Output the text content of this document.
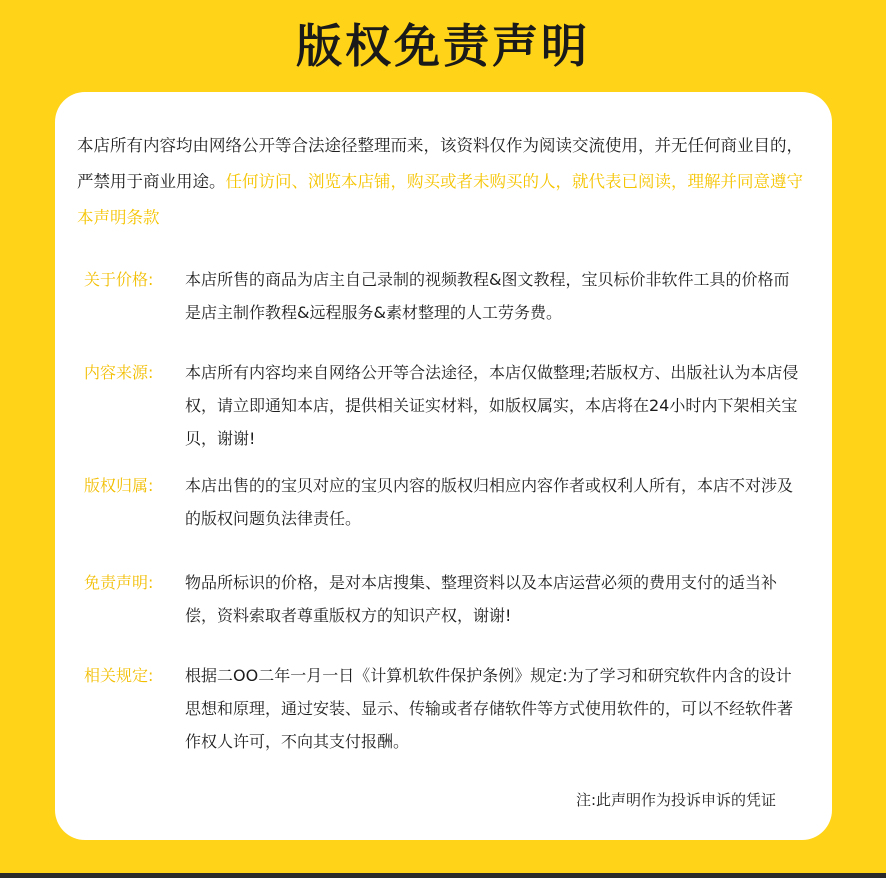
版权免责声明
本店所有内容均由网络公开等合法途径整理而来，该资料仅作为阅读交流使用，并无任何商业目的，严禁用于商业用途。任何访问、浏览本店铺，购买或者未购买的人，就代表已阅读，理解并同意遵守本声明条款
关于价格: 本店所售的商品为店主自己录制的视频教程&图文教程，宝贝标价非软件工具的价格而是店主制作教程&远程服务&素材整理的人工劳务费。
内容来源: 本店所有内容均来自网络公开等合法途径，本店仅做整理;若版权方、出版社认为本店侵权，请立即通知本店，提供相关证实材料，如版权属实，本店将在24小时内下架相关宝贝，谢谢!
版权归属: 本店出售的的宝贝对应的宝贝内容的版权归相应内容作者或权利人所有，本店不对涉及的版权问题负法律责任。
免责声明: 物品所标识的价格，是对本店搜集、整理资料以及本店运营必须的费用支付的适当补偿，资料索取者尊重版权方的知识产权，谢谢!
相关规定: 根据二OO二年一月一日《计算机软件保护条例》规定:为了学习和研究软件内含的设计思想和原理，通过安装、显示、传输或者存储软件等方式使用软件的，可以不经软件著作权人许可，不向其支付报酬。
注:此声明作为投诉申诉的凭证
